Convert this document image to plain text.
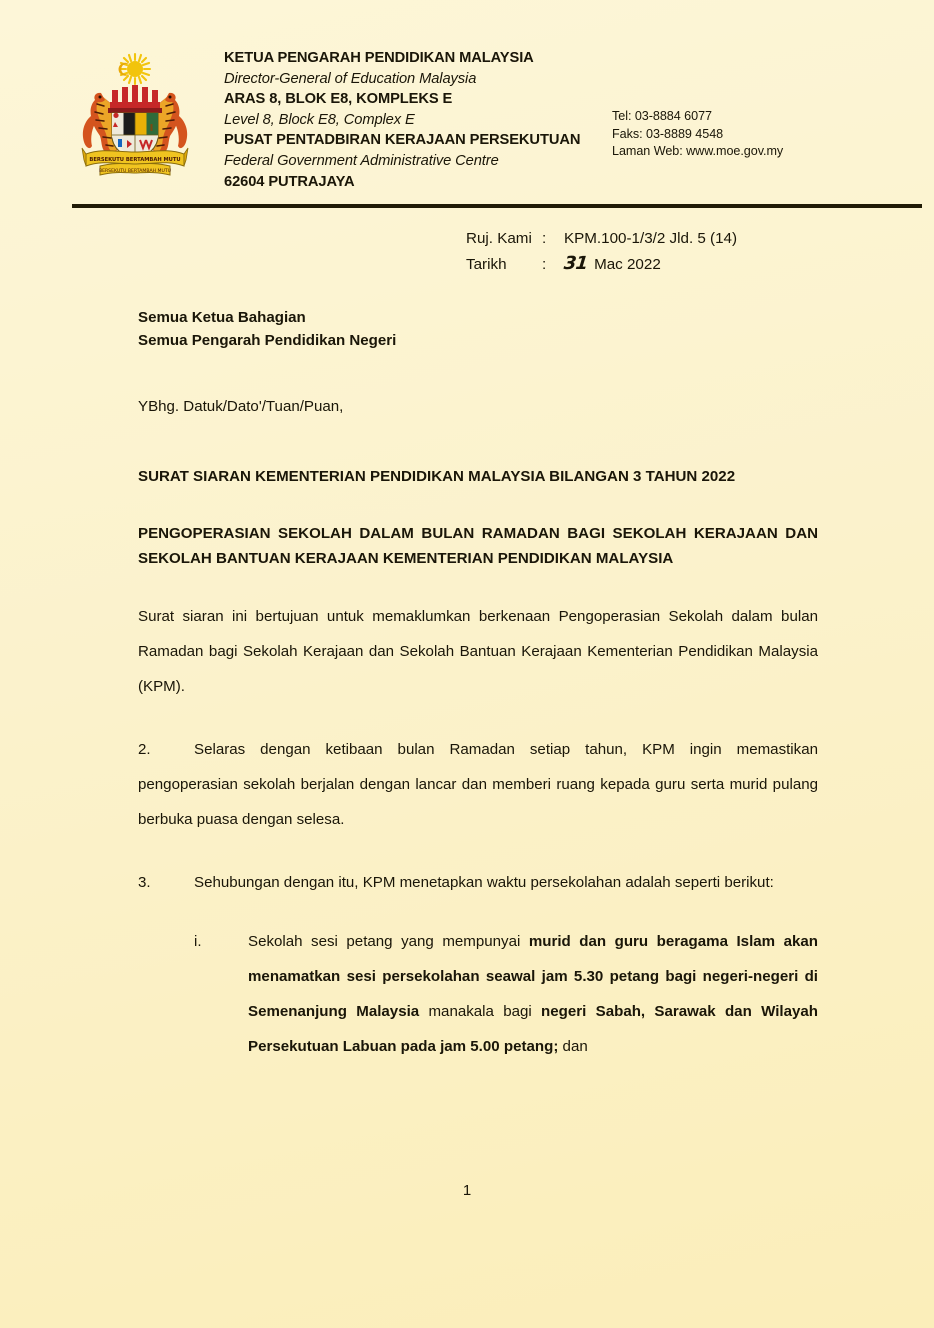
BERSEKUTU BERTAMBAH MUTU
BERSEKUTU BERTAMBAH MUTU
KETUA PENGARAH PENDIDIKAN MALAYSIA
Director-General of Education Malaysia
ARAS 8, BLOK E8, KOMPLEKS E
Level 8, Block E8, Complex E
PUSAT PENTADBIRAN KERAJAAN PERSEKUTUAN
Federal Government Administrative Centre
62604 PUTRAJAYA
Tel: 03-8884 6077
Faks: 03-8889 4548
Laman Web: www.moe.gov.my
Ruj. Kami :	KPM.100-1/3/2 Jld. 5 (14)
Tarikh	: 31 Mac 2022
Semua Ketua Bahagian
Semua Pengarah Pendidikan Negeri
YBhg. Datuk/Dato'/Tuan/Puan,
SURAT SIARAN KEMENTERIAN PENDIDIKAN MALAYSIA BILANGAN 3 TAHUN 2022
PENGOPERASIAN SEKOLAH DALAM BULAN RAMADAN BAGI SEKOLAH KERAJAAN DAN SEKOLAH BANTUAN KERAJAAN KEMENTERIAN PENDIDIKAN MALAYSIA
Surat siaran ini bertujuan untuk memaklumkan berkenaan Pengoperasian Sekolah dalam bulan Ramadan bagi Sekolah Kerajaan dan Sekolah Bantuan Kerajaan Kementerian Pendidikan Malaysia (KPM).
2.	Selaras dengan ketibaan bulan Ramadan setiap tahun, KPM ingin memastikan pengoperasian sekolah berjalan dengan lancar dan memberi ruang kepada guru serta murid pulang berbuka puasa dengan selesa.
3.	Sehubungan dengan itu, KPM menetapkan waktu persekolahan adalah seperti berikut:
i.	Sekolah sesi petang yang mempunyai murid dan guru beragama Islam akan menamatkan sesi persekolahan seawal jam 5.30 petang bagi negeri-negeri di Semenanjung Malaysia manakala bagi negeri Sabah, Sarawak dan Wilayah Persekutuan Labuan pada jam 5.00 petang; dan
1
